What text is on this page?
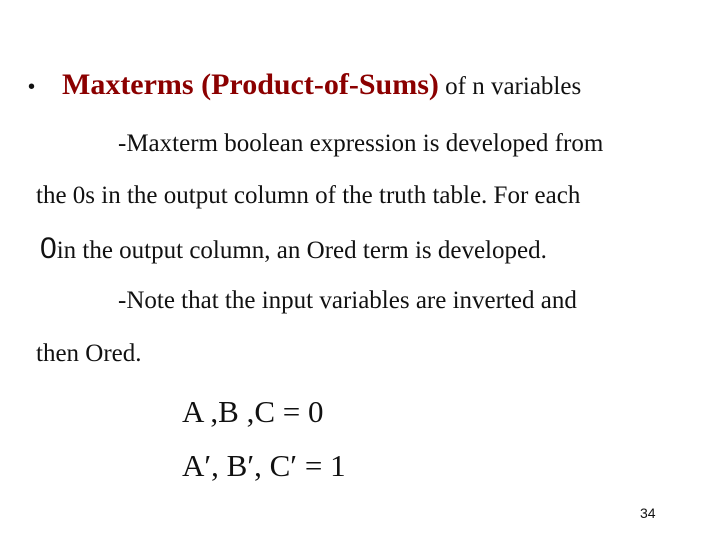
• Maxterms (Product-of-Sums) of n variables
-Maxterm boolean expression is developed from
the 0s in the output column of the truth table. For each
0in the output column, an Ored term is developed.
-Note that the input variables are inverted and
then Ored.
A ,B ,C = 0
A′, B′, C′ = 1
34
